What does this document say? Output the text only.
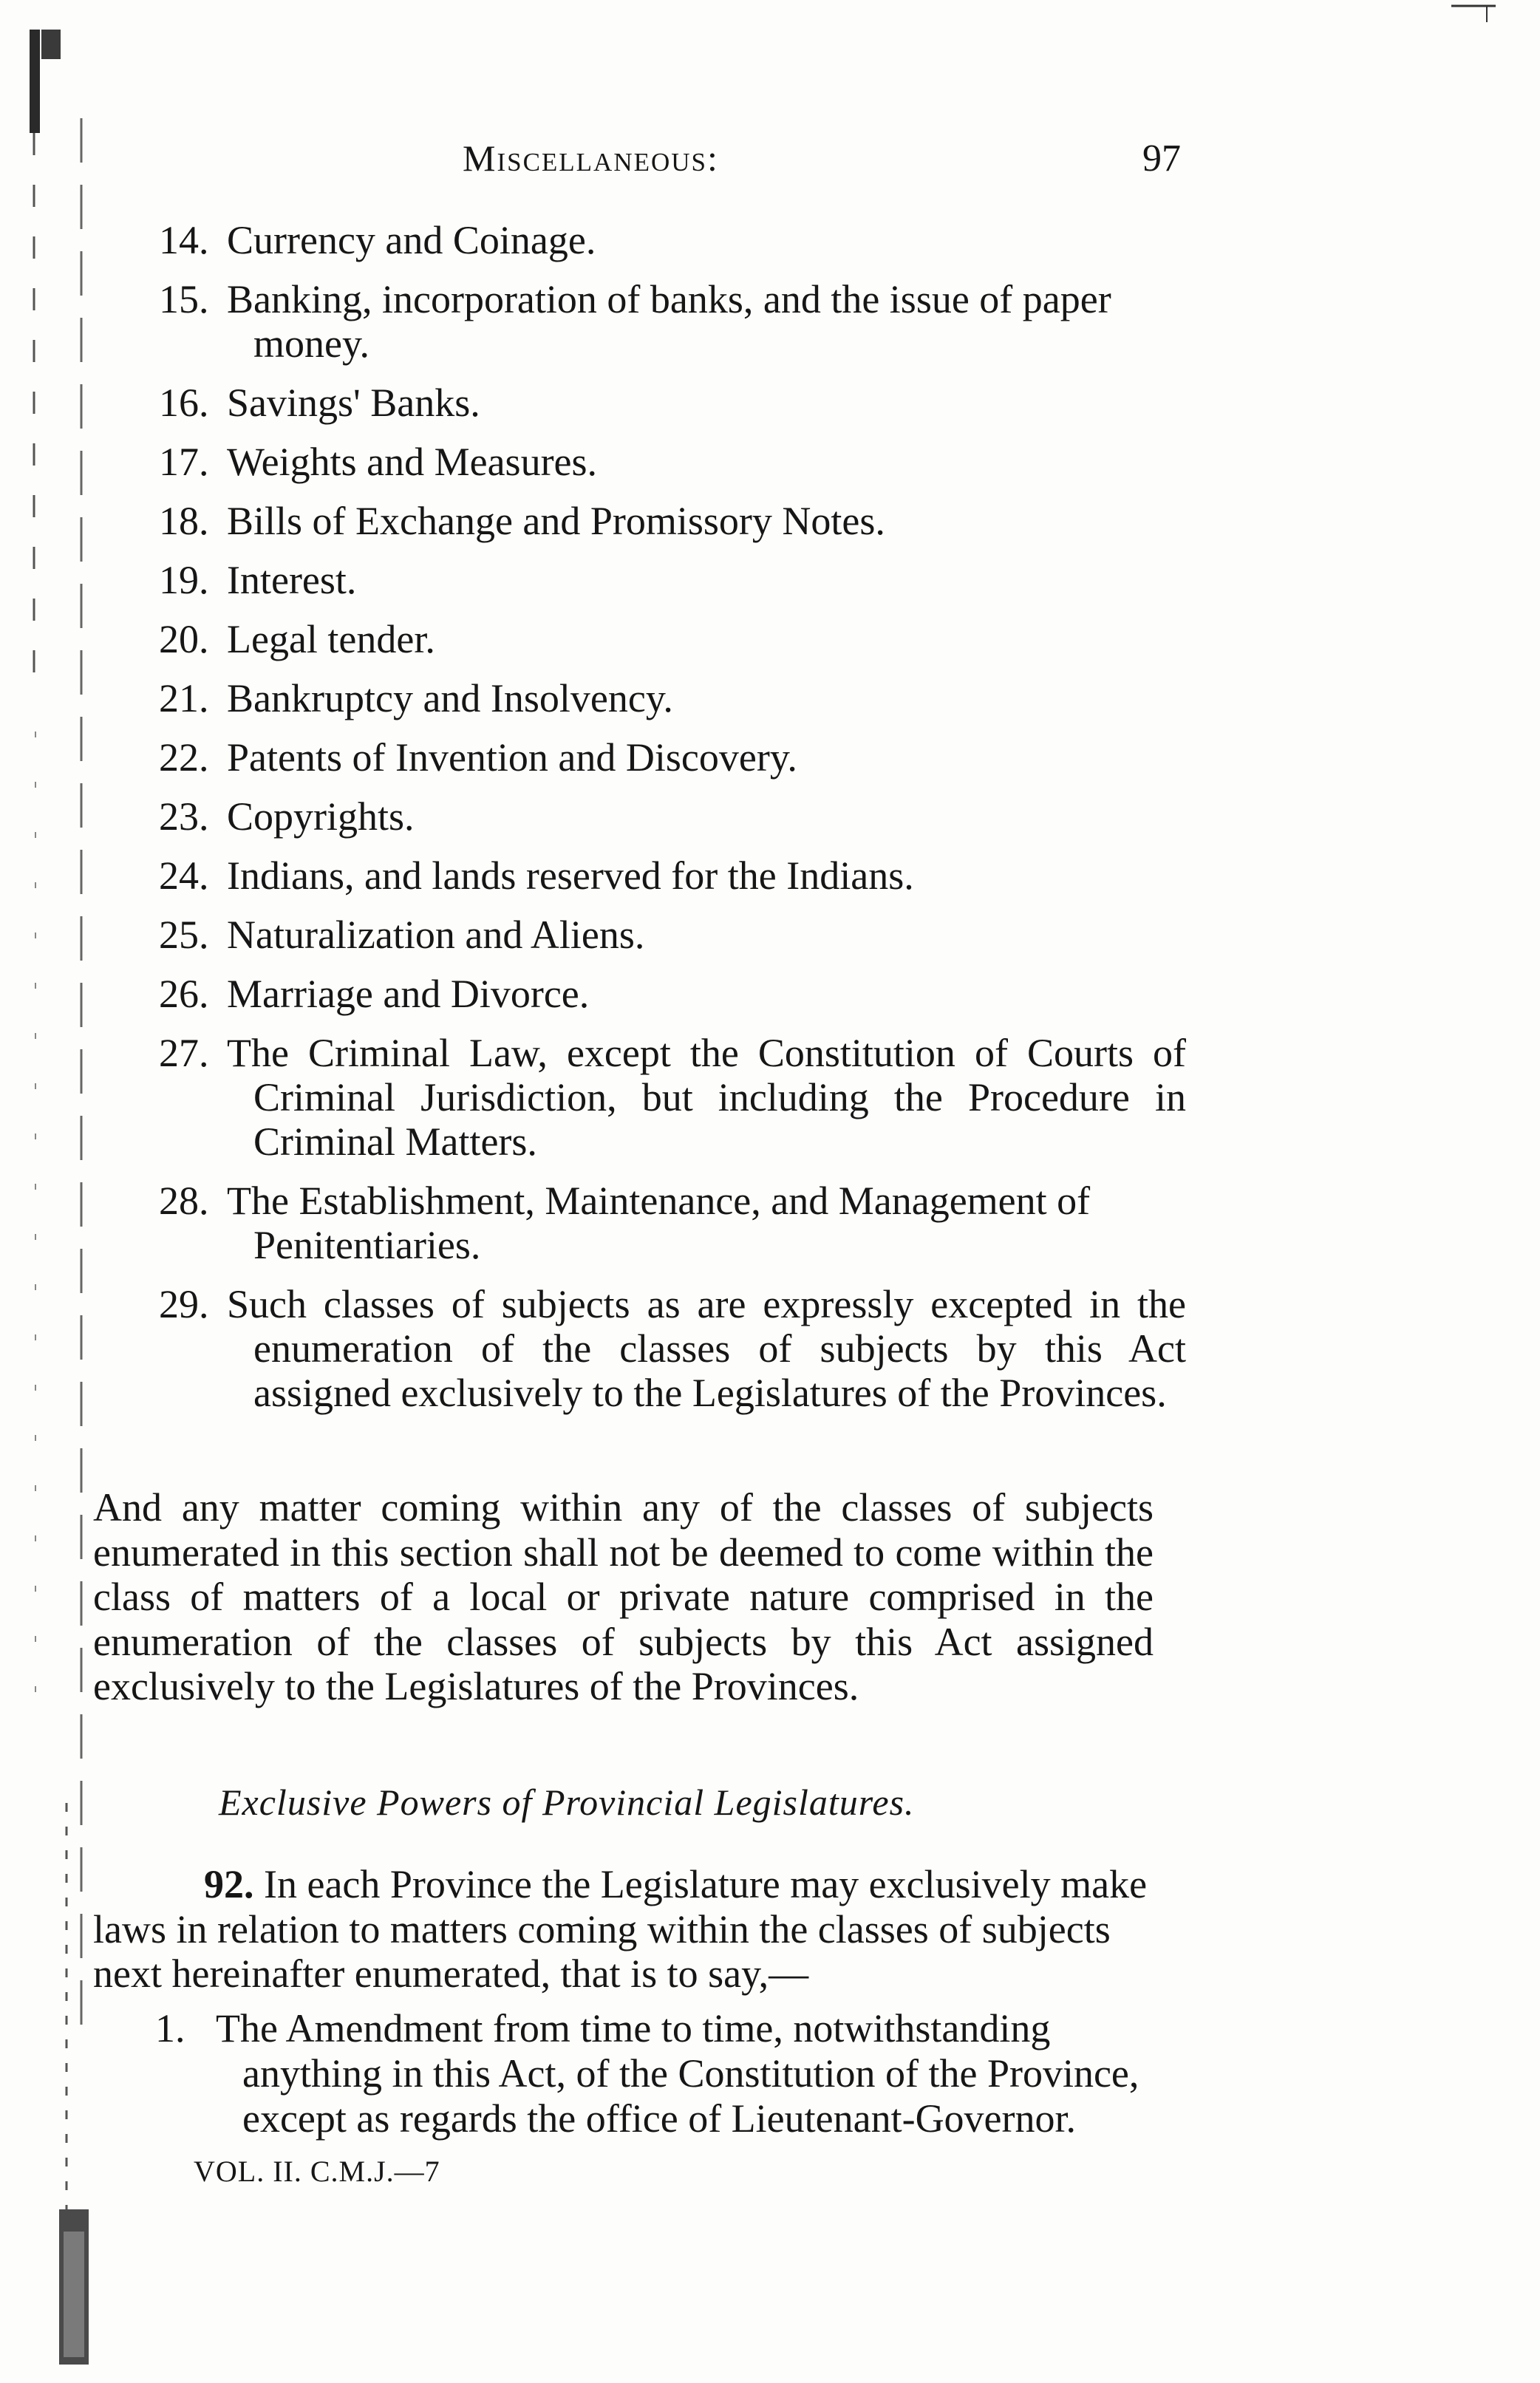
Miscellaneous:	97
14. Currency and Coinage.
15. Banking, incorporation of banks, and the issue of paper money.
16. Savings' Banks.
17. Weights and Measures.
18. Bills of Exchange and Promissory Notes.
19. Interest.
20. Legal tender.
21. Bankruptcy and Insolvency.
22. Patents of Invention and Discovery.
23. Copyrights.
24. Indians, and lands reserved for the Indians.
25. Naturalization and Aliens.
26. Marriage and Divorce.
27. The Criminal Law, except the Constitution of Courts of Criminal Jurisdiction, but including the Procedure in Criminal Matters.
28. The Establishment, Maintenance, and Management of Penitentiaries.
29. Such classes of subjects as are expressly excepted in the enumeration of the classes of subjects by this Act assigned exclusively to the Legislatures of the Provinces.
And any matter coming within any of the classes of subjects enumerated in this section shall not be deemed to come within the class of matters of a local or private nature comprised in the enumeration of the classes of subjects by this Act assigned exclusively to the Legislatures of the Provinces.
Exclusive Powers of Provincial Legislatures.

92. In each Province the Legislature may exclusively make laws in relation to matters coming within the classes of subjects next hereinafter enumerated, that is to say,—

1. The Amendment from time to time, notwithstanding anything in this Act, of the Constitution of the Province, except as regards the office of Lieutenant-Governor.
VOL. II. C.M.J.—7
